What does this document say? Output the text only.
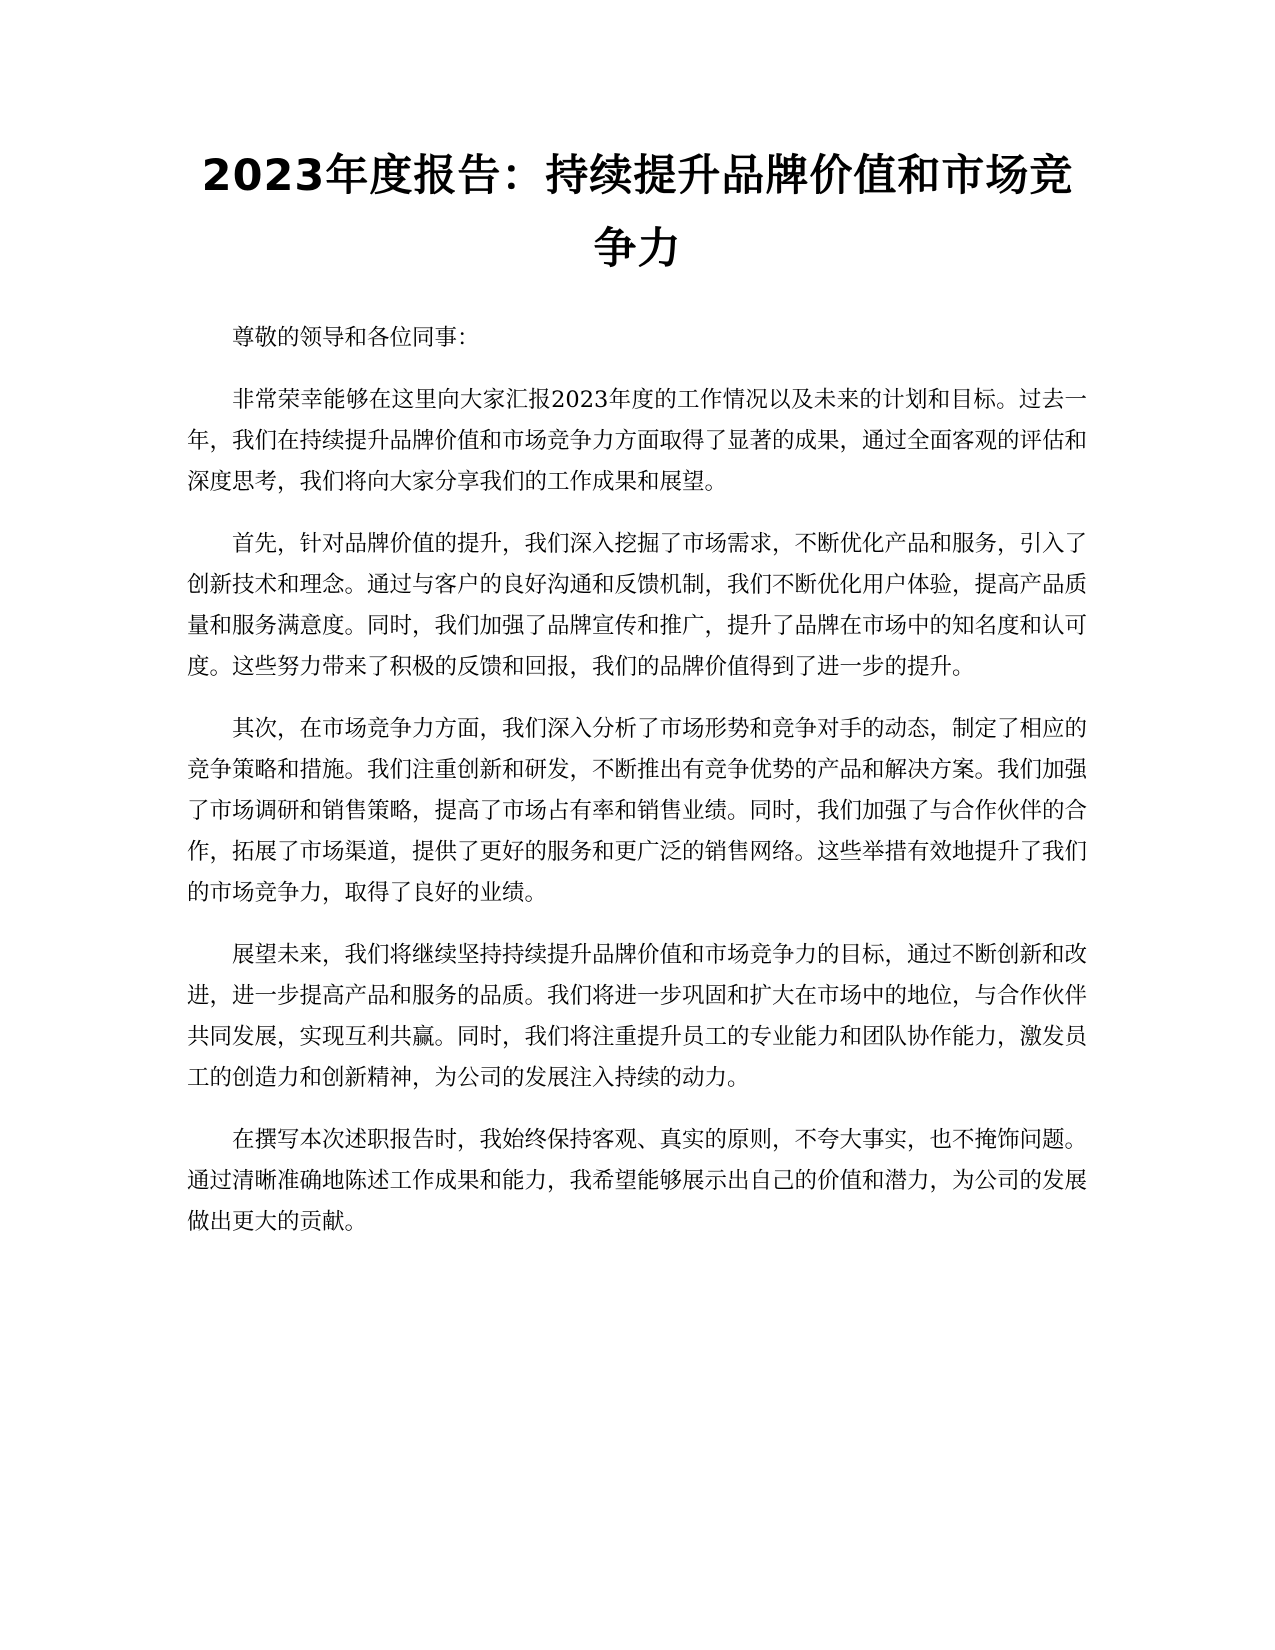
2023年度报告：持续提升品牌价值和市场竞争力

尊敬的领导和各位同事：

非常荣幸能够在这里向大家汇报2023年度的工作情况以及未来的计划和目标。过去一年，我们在持续提升品牌价值和市场竞争力方面取得了显著的成果，通过全面客观的评估和深度思考，我们将向大家分享我们的工作成果和展望。

首先，针对品牌价值的提升，我们深入挖掘了市场需求，不断优化产品和服务，引入了创新技术和理念。通过与客户的良好沟通和反馈机制，我们不断优化用户体验，提高产品质量和服务满意度。同时，我们加强了品牌宣传和推广，提升了品牌在市场中的知名度和认可度。这些努力带来了积极的反馈和回报，我们的品牌价值得到了进一步的提升。

其次，在市场竞争力方面，我们深入分析了市场形势和竞争对手的动态，制定了相应的竞争策略和措施。我们注重创新和研发，不断推出有竞争优势的产品和解决方案。我们加强了市场调研和销售策略，提高了市场占有率和销售业绩。同时，我们加强了与合作伙伴的合作，拓展了市场渠道，提供了更好的服务和更广泛的销售网络。这些举措有效地提升了我们的市场竞争力，取得了良好的业绩。

展望未来，我们将继续坚持持续提升品牌价值和市场竞争力的目标，通过不断创新和改进，进一步提高产品和服务的品质。我们将进一步巩固和扩大在市场中的地位，与合作伙伴共同发展，实现互利共赢。同时，我们将注重提升员工的专业能力和团队协作能力，激发员工的创造力和创新精神，为公司的发展注入持续的动力。

在撰写本次述职报告时，我始终保持客观、真实的原则，不夸大事实，也不掩饰问题。通过清晰准确地陈述工作成果和能力，我希望能够展示出自己的价值和潜力，为公司的发展做出更大的贡献。
